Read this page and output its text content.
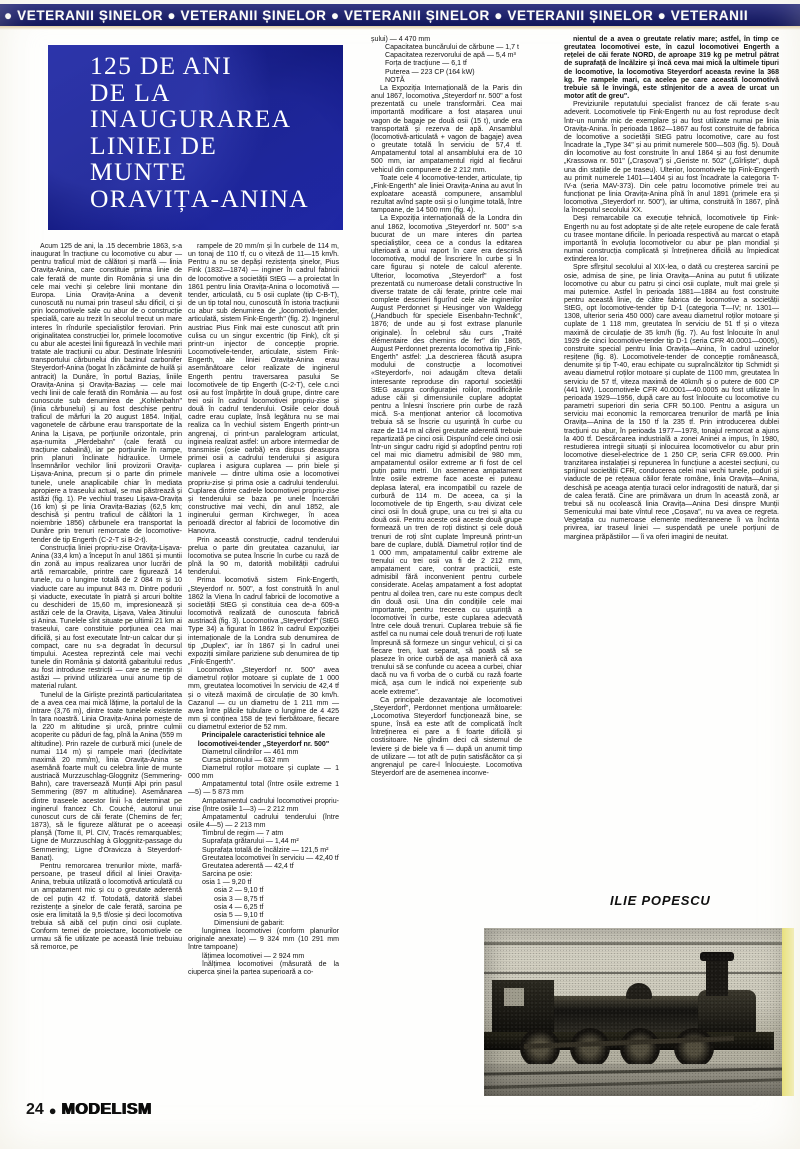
● VETERANII ȘINELOR ● VETERANII ȘINELOR ● VETERANII ȘINELOR ● VETERANII ȘINELOR ● VETERANII
125 DE ANI
DE LA
INAUGURAREA
LINIEI DE
MUNTE
ORAVIȚA-ANINA

Acum 125 de ani, la .15 decembrie 1863, s-a inaugurat în tracțiune cu locomotive cu abur — pentru traficul mixt de călători și marfă — linia Oravița-Anina, care constituie prima linie de cale ferată de munte din România și una din cele mai vechi și celebre linii montane din Europa. Linia Oravița-Anina a devenit cunoscută nu numai prin traseul său dificil, ci și prin locomotivele sale cu abur de o construcție specială, care au trezit în secolul trecut un mare interes în rîndurile specialiștilor feroviari. Prin originalitatea construcției lor, primele locomotive cu abur ale acestei linii figurează în vechile mari tratate ale tracțiunii cu abur. Destinate înlesnirii transportului cărbunelui din bazinul carbonifer Steyerdorf-Anina (bogat în zăcăminte de huilă și antracit) la Dunăre, în portul Baziaș, liniile Oravița-Anina și Oravița-Baziaș — cele mai vechi linii de cale ferată din România — au fost cunoscute sub denumirea de „Kohlenbahn" (linia cărbunelui) și au fost deschise pentru traficul de mărfuri la 20 august 1854. Inițial, vagonetele de cărbune erau transportate de la Anina la Lișava, pe porțiunile orizontale, prin așa-numita „Plerdebahn" (cale ferată cu tracțiune cabalină), iar pe porțiunile în rampe, prin planuri înclinate hidraulice. Urmele însemnărilor vechilor linii provizorii Oravița-Lișava-Anina, precum și o parte din primele tunele, unele anaplicabile chiar în mediata apropiere a traseului actual, se mai păstrează și astăzi (fig. 1). Pe vechiul traseu Lișava-Oravița (16 km) și pe linia Oravița-Baziaș (62,5 km; deschisă și pentru traficul de călători la 1 noiembrie 1856) cărbunele era transportat la Dunăre prin trenuri remorcate de locomotive-tender de tip Engerth (C-2-T si B-2-t).

Construcția liniei propriu-zise Oravița-Lișava-Anina (33,4 km) a început în anul 1861 și muntii din zonă au impus realizarea unor lucrări de artă remarcabile, printre care figurează 14 tunele, cu o lungime totală de 2 084 m și 10 viaducte care au impunut 843 m. Dintre podurii și viaducte, executate în piatră și arcuri boltite cu deschideri de 15,60 m, impresionează și astăzi cele de la Oravița, Lișava, Valea Jitinului și Anina. Tunelele sînt situate pe ultimii 21 km ai traseului, care constituie porțiunea cea mai dificilă, și au fost executate într-un calcar dur și compact, care nu s-a degradat în decursul timpului. Acestea reprezintă cele mai vechi tunele din România și datorită gabaritului redus au fost introduse restricții — care se mențin și astăzi — privind utilizarea unui anume tip de material rulant.

Tunelul de la Girliște prezintă particularitatea de a avea cea mai mică lățime, la portalul de la intrare (3,76 m), dintre toate tunelele existente în țara noastră. Linia Oravița-Anina pornește de la 220 m altitudine și urcă, printre culmii acoperite cu păduri de fag, pînă la Anina (559 m altitudine). Prin razele de curbură mici (unele de numai 114 m) și rampele mari (declivitate maximă 20 mm/m), linia Oravița-Anina se asemănă foarte mult cu celebra linie de munte austriacă Murzzuschlag-Gloggnitz (Semmering-Bahn), care traversează Munții Alpi prin pasul Semmering (897 m altitudine). Asemănarea dintre traseele acestor linii l-a determinat pe inginerul francez Ch. Couché, autorul unui cunoscut curs de căi ferate (Chemins de fer; 1873), să le figureze alăturat pe o aceeași planșă (Tome II, Pl. CIV, Tracés remarquables; Ligne de Murzzuschlag à Gloggnitz-passage du Semmering; Ligne d'Oravicza à Steyerdorf-Banat).

Pentru remorcarea trenurilor mixte, marfă-persoane, pe traseul dificil al liniei Oravița-Anina, trebuia utilizată o locomotivă articulată cu un ampatament mic și cu o greutate aderentă de cel puțin 42 tf. Totodată, datorită slabei rezistențe a șinelor de cale ferată, sarcina pe osie era limitată la 9,5 tf/osie și deci locomotiva trebuia să aibă cel puțin cinci osii cuplate. Conform temei de proiectare, locomotivele ce urmau să fie utilizate pe această linie trebuiau să remorce, pe

rampele de 20 mm/m și în curbele de 114 m, un tonaj de 110 tf, cu o viteză de 11—15 km/h. Pentru a nu se depăși rezistența șinelor, Pius Fink (1832—1874) — inginer în cadrul fabricii de locomotive a societății StEG — a proiectat în 1861 pentru linia Oravița-Anina o locomotivă — tender, articulată, cu 5 osii cuplate (tip C-B-T), de un tip total nou, cunoscută în istoria tracțiunii cu abur sub denumirea de „locomotivă-tender, articulată, sistem Fink-Engerth" (fig. 2). Inginerul austriac Pius Fink mai este cunoscut atît prin culisa cu un singur excentric (tip Fink), cît și printr-un injector de concepție proprie. Locomotivele-tender, articulate, sistem Fink-Engerth, ale liniei Oravița-Anina erau asemănătoare celor realizate de inginerul Engerth pentru traversarea pasului Se locomotivele de tip Engerth (C-2-T), cele c.nci osii au fost împărțite în două grupe, dintre care trei osii în cadrul locomotivei propriu-zise și două în cadrul tenderului. Osiile celor două cadre erau cuplate, însă legătura nu se mai realiza ca în vechiul sistem Engerth printr-un angrenaj, ci print-un paralelogram articulat, ingineia realizat astfel: un arbore intermediar de transmisie (osie oarbă) era dispus deasupra primei osii a cadrului tenderului și asigura cuplarea i asigura cuplarea — prin biele și manivele — dintre ultima osie a locomotivei propriu-zise și prima osie a cadrului tenderului. Cuplarea dintre cadrele locomotivei propriu-zise și tenderului se baza pe unele încercări constructive mai vechi, din anul 1852, ale inginerului german Kirchweger, în acea perioadă director al fabricii de locomotive din Hanovra.

Prin această construcție, cadrul tenderului prelua o parte din greutatea cazanului, iar locomotiva se putea înscrie în curbe cu rază de pînă la 90 m, datorită mobilității cadrului tenderului.

Prima locomotivă sistem Fink-Engerth, „Steyerdorf nr. 500", a fost construită în anul 1862 la Viena în cadrul fabricii de locomotive a societății StEG și constituia cea de-a 609-a locomotivă realizată de cunoscuta fabrică austriacă (fig. 3). Locomotiva „Steyerdorf" (StEG Type 34) a figurat în 1862 în cadrul Expoziției internaționale de la Londra sub denumirea de tip „Duplex", iar în 1867 și în cadrul unei expoziții similare pariziene sub denumirea de tip „Fink-Engerth".

Locomotiva „Steyerdorf nr. 500" avea diametrul roților motoare și cuplate de 1 000 mm, greutatea locomotivei în serviciu de 42,4 tf și o viteză maximă de circulație de 30 km/h. Cazanul — cu un diametru de 1 211 mm — avea între plăcile tubulare o lungime de 4 425 mm și conținea 158 de țevi fierbătoare, fiecare cu diametrul exterior de 52 mm.

Principalele caracteristici tehnice ale locomotivei-tender „Steyerdorf nr. 500"

Diametrul cilindrilor — 461 mm

Cursa pistonului — 632 mm

Diametrul roților motoare și cuplate — 1 000 mm

Ampatamentul total (între osiile extreme 1—5) — 5 873 mm

Ampatamentul cadrului locomotivei propriu-zise (între osiile 1—3) — 2 212 mm

Ampatamentul cadrului tenderului (între osiile 4—5) — 2 213 mm

Timbrul de regim — 7 atm

Suprafața grătarului — 1,44 m²

Suprafața totală de încălzire — 121,5 m²

Greutatea locomotivei în serviciu — 42,40 tf

Greutatea aderentă — 42,4 tf

Sarcina pe osie:

osia 1 — 9,20 tf

osia 2 — 9,10 tf

osia 3 — 8,75 tf

osia 4 — 6,25 tf

osia 5 — 9,10 tf

Dimensiuni de gabarit:

lungimea locomotivei (conform planurilor originale anexate) — 9 324 mm (10 291 mm între tampoane)

lățimea locomotivei — 2 924 mm

înălțimea locomotivei (măsurată de la ciuperca șinei la partea superioară a co-

șului) — 4 470 mm

Capacitatea buncărului de cărbune — 1,7 t

Capacitatea rezervorului de apă — 5,4 m³

Forța de tracțiune — 6,1 tf

Puterea — 223 CP (164 kW)

NOTĂ

La Expoziția Internațională de la Paris din anul 1867, locomotiva „Steyerdorf nr. 500" a fost prezentată cu unele transformări. Cea mai importantă modificare a fost atașarea unui vagon de bagaje pe două osii (15 t), unde era transportată și rezerva de apă. Ansamblul (locomotivă-articulată + vagon de bagaje) avea o greutate totală în serviciu de 57,4 tf. Ampatamentul total al ansamblului era de 10 500 mm, iar ampatamentul rigid al fiecărui vehicul din compunere de 2 212 mm.

Toate cele 4 locomotive-tender, articulate, tip „Fink-Engerth" ale liniei Oravița-Anina au avut în exploatare această compunere, ansamblul rezultat avînd șapte osii și o lungime totală, între tampoane, de 14 500 mm (fig. 4).

La Expoziția internațională de la Londra din anul 1862, locomotiva „Steyerdorf nr. 500" s-a bucurat de un mare interes din partea specialiștilor, ceea ce a condus la editarea ulterioară a unui raport în care era descrisă locomotiva, modul de înscriere în curbe și în care figurau și notele de calcul aferente. Ulterior, locomotiva „Steyerdorf" a fost prezentată cu numeroase detalii constructive în diverse tratate de căi ferate, printre cele mai complete descrieri figurînd cele ale inginerilor August Perdonnet și Heusinger von Waldegg („Handbuch für speciele Eisenbahn-Technik", 1876; de unde au și fost extrase planurile originale). În celebrul său curs „Traité élémentaire des chemins de fer" din 1865, August Perdonnet prezenta locomotiva tip „Fink-Engerth" astfel: „La descrierea făcută asupra modului de construcție a locomotivei «Steyerdorf», noi adaugăm cîteva detalii interesante reproduse din raportul societății StEG asupra configurației rolilor, modificările aduse căii și dimensiunile cuplare adoptat pentru a înlesni înscriere prin curbe de rază mică. S-a menționat anterior că locomotiva trebuia să se înscrie cu ușurință în curbe cu raze de 114 m al cărei greutate aderentă trebuie repartizată pe cinci osii. Dispunînd cele cinci osii într-un singur cadru rigid și adoptînd pentru roți cel mai mic diametru admisibil de 980 mm, ampatamentul osiilor extreme ar fi fost de cel puțin patru metri. Un asemenea ampatament între osiile extreme face aceste ei puteau deplasa lateral, era incompatibil cu razele de curbură de 114 m. De aceea, ca și la locomotivele de tip Engerth, s-au divizat cele cinci osii în două grupe, una cu trei și alta cu două osii. Pentru aceste osii aceste două grupe formează un tren de roți distinct și cele două trenuri de roți sînt cuplate împreună printr-un bare de cuplare, dublă. Diametrul roților tind de 1 000 mm, ampatamentul calibr extreme ale trenului cu trei osii va fi de 2 212 mm, ampatament care, contrar practicii, este admisibil fără inconvenient pentru curbele considerate. Acelaș ampatament a fost adoptat pentru al doilea tren, care nu este compus decît din două osii. Una din condițiile cele mai importante, pentru trecerea cu ușurință a locomotivei în curbe, este cuplarea adecvată între cele două trenuri. Cuplarea trebuie să fie astfel ca nu numai cele două trenuri de roți luate împreună să formeze un singur vehicul, ci și ca fiecare tren, luat separat, să poată să se plaseze în orice curbă de așa manieră că axa trenului să se confunde cu aceea a curbei, chiar dacă nu va fi vorba de o curbă cu rază foarte mică, așa cum le indică noi experiențe sub acele extreme".

Ca principale dezavantaje ale locomotivei „Steyerdorf", Perdonnet menționa următoarele: „Locomotiva Steyerdorf funcționează bine, se spune, însă ea este atît de complicată încît întreținerea ei pare a fi foarte dificilă și costisitoare. Ne gîndim deci că sistemul de leviere și de biele va fi — după un anumit timp de utilizare — tot atît de puțin satisfăcător ca și angrenajul pe care-l înlocuiește. Locomotiva Steyerdorf are de asemenea inconve-

nientul de a avea o greutate relativ mare; astfel, în timp ce greutatea locomotivei este, în cazul locomotivei Engerth a rețelei de căi ferate NORD, de aproape 319 kg pe metrul pătrat de suprafață de încălzire și încă ceva mai mică la ultimele tipuri de locomotive, la locomotiva Steyerdorf aceasta revine la 368 kg. Pe rampele mari, ca acelea pe care această locomotivă trebuie să le învingă, este stînjenitor de a avea de urcat un motor atît de greu".

Previziunile reputatului specialist francez de căi ferate s-au adeverit. Locomotivele tip Fink-Engerth nu au fost reproduse decît într-un număr mic de exemplare și au fost utilizate numai pe linia Oravița-Anina. În perioada 1862—1867 au fost construite de fabrica de locomotive a societății StEG patru locomotive, care au fost încadrate la „Type 34" și au primit numerele 500—503 (fig. 5). Două din locomotive au fost construite în anul 1864 și au fost denumite „Krassowa nr. 501" („Crașova") și „Geriste nr. 502" („Gîrliște", după una din stațiile de pe traseu). Ulterior, locomotivele tip Fink-Engerth au primit numerele 1401—1404 și au fost încadrate la categoria T-IV-a (seria MAV-373). Din cele patru locomotive primele trei au funcționat pe linia Oravița-Anina pînă în anul 1891 (primele era și locomotiva „Steyerdorf nr. 500"), iar ultima, construită în 1867, pînă la începutul secolului XX.

Deși remarcabile ca execuție tehnică, locomotivele tip Fink-Engerth nu au fost adoptate și de alte rețele europene de cale ferată cu trasee montane dificile. În perioada respectivă au marcat o etapă importantă în evoluția locomotivelor cu abur pe plan mondial și numai construcția complicată și întreținerea dificilă au împiedicat extinderea lor.

Spre sfîrșitul secolului al XIX-lea, o dată cu creșterea sarcinii pe osie, admisa de șine, pe linia Oravița—Anina au putut fi utilizate locomotive cu abur cu patru și cinci osii cuplate, mult mai grele și mai puternice. Astfel în perioada 1881—1884 au fost construite pentru această linie, de către fabrica de locomotive a societății StEG, opt locomotive-tender tip D-1 (categoria T—IV; nr. 1301—1308, ulterior seria 450 000) care aveau diametrul roților motoare și cuplate de 1 118 mm, greutatea în serviciu de 51 tf și o viteza maximă de circulație de 35 km/h (fig. 7). Au fost înlocuite în anul 1929 de cinci locomotive-tender tip D-1 (seria CFR 40.0001—0005), construite special pentru linia Oravița—Anina, în cadrul uzinelor reșițene (fig. 8). Locomotivele-tender de concepție românească, denumite și tip T-40, erau echipate cu supraîncălzitor tip Schmidt și aveau diametrul roților motoare și cuplate de 1100 mm, greutatea în serviciu de 57 tf, viteza maximă de 40km/h și o putere de 600 CP (441 kW). Locomotivele CFR 40.0001—40.0005 au fost utilizate în perioada 1929—1956, după care au fost înlocuite cu locomotive cu parametri superiori din seria CFR 50.100. Pentru a asigura un serviciu mai economic la remorcarea trenurilor de marfă pe linia Oravița—Anina de la 150 tf la 235 tf. Prin introducerea dublei tracțiuni cu abur, în perioada 1977—1978, tonajul remorcat a ajuns la 400 tf. Descărcarea industrială a zonei Aninei a impus, în 1980, restudierea intregii situații și inlocuirea locomotivelor cu abur prin locomotive diesel-electrice de 1 250 CP, seria CFR 69.000. Prin tranzitarea instalației și repunerea în funcțiune a acestei secțiuni, cu sprijinul societății CFR, conducerea celei mai vechi tunele, poduri și viaducte de pe rețeaua căilor ferate române, linia Oravița—Anina, deschisă pe aceaga atenția turacii celor indragostiti de natură, dar și de calea ferată. Cine are primăvara un drum în această zonă, ar trebui să nu ocolească linia Oravița—Anina Desi dinspre Munții Semenicului mai bate vîntul rece „Coșava", nu va avea ce regreta. Vegetația cu numeroase elemente mediteraneene îi va încînta privirea, iar traseul liniei — suspendată pe unele porțiuni de marginea prăpăstiilor — îi va oferi imagini de neuitat.

ILIE POPESCU
24 ● MODELISM
